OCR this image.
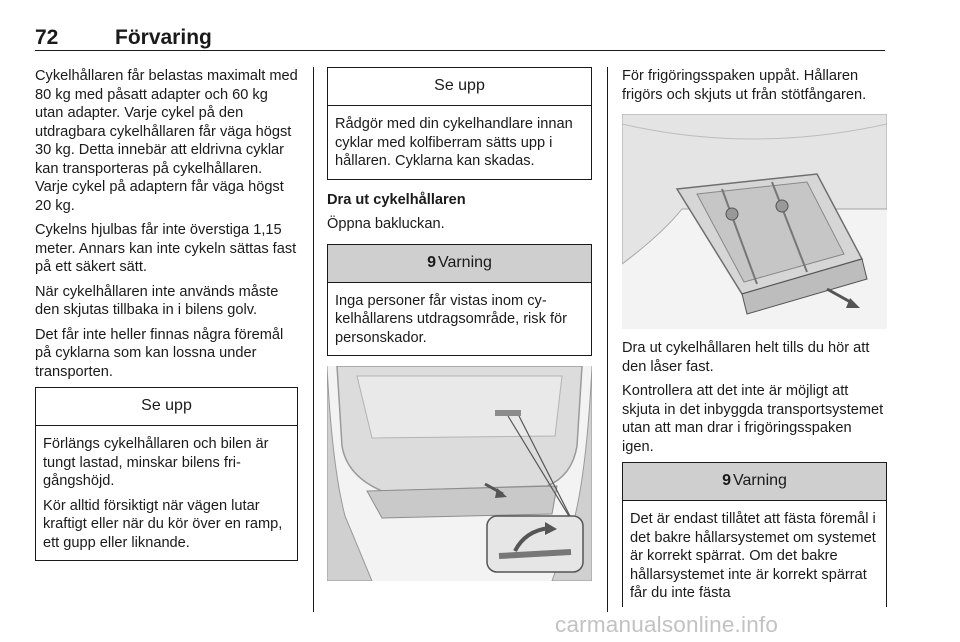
72	Förvaring

Cykelhållaren får belastas maximalt med 80 kg med påsatt adapter och 60 kg utan adapter. Varje cykel på den utdragbara cykelhållaren får väga högst 30 kg. Detta innebär att eldrivna cyklar kan transporteras på cykelhållaren. Varje cykel på adaptern får väga högst 20 kg.

Cykelns hjulbas får inte överstiga 1,15 meter. Annars kan inte cykeln sättas fast på ett säkert sätt.

När cykelhållaren inte används måste den skjutas tillbaka in i bilens golv.

Det får inte heller finnas några föremål på cyklarna som kan lossna under transporten.

Se upp

Förlängs cykelhållaren och bilen är tungt lastad, minskar bilens frigångshöjd.

Kör alltid försiktigt när vägen lutar kraftigt eller när du kör över en ramp, ett gupp eller liknande.

Se upp

Rådgör med din cykelhandlare innan cyklar med kolfiberram sätts upp i hållaren. Cyklarna kan skadas.

Dra ut cykelhållaren

Öppna bakluckan.

9 Varning

Inga personer får vistas inom cykelhållarens utdragsområde, risk för personskador.

För frigöringsspaken uppåt. Hållaren frigörs och skjuts ut från stötfångaren.

Dra ut cykelhållaren helt tills du hör att den låser fast.

Kontrollera att det inte är möjligt att skjuta in det inbyggda transportsystemet utan att man drar i frigöringsspaken igen.

9 Varning

Det är endast tillåtet att fästa föremål i det bakre hållarsystemet om systemet är korrekt spärrat. Om det bakre hållarsystemet inte är korrekt spärrat får du inte fästa

carmanualsonline.info
